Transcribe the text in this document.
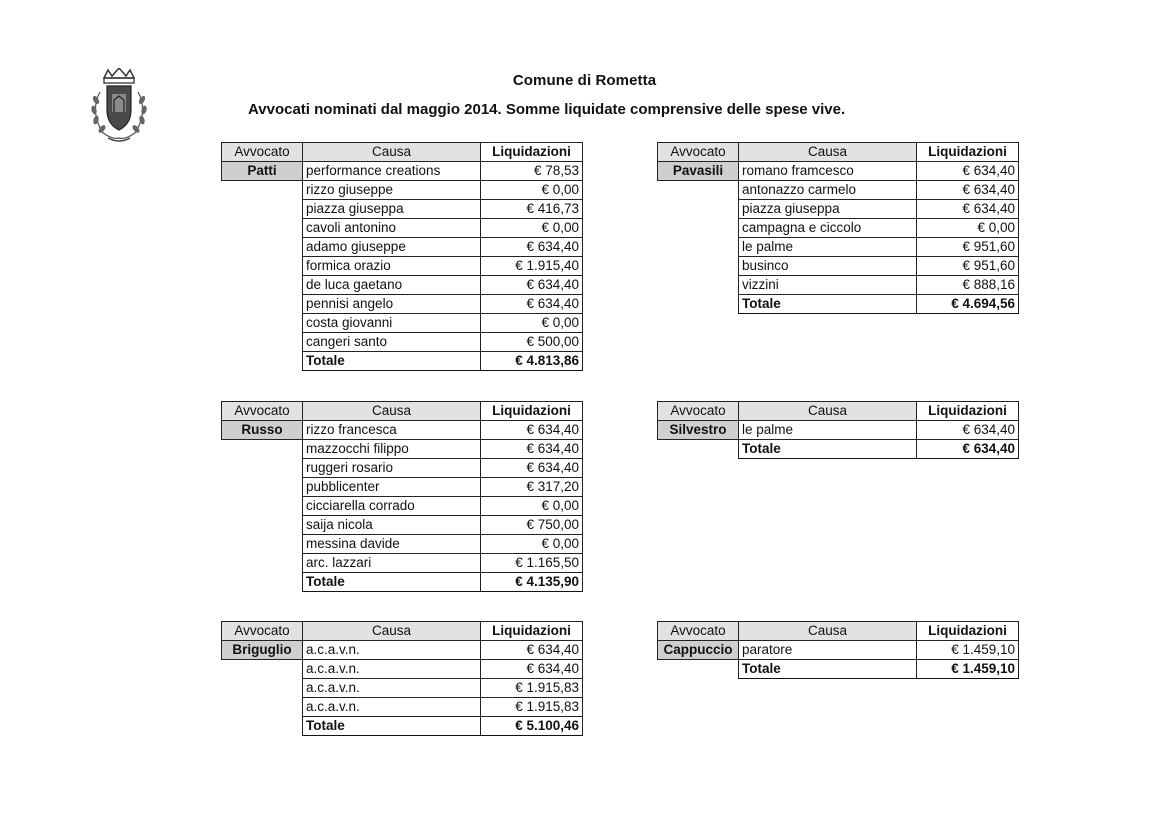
Comune di Rometta
Avvocati nominati dal maggio 2014. Somme liquidate comprensive delle spese vive.
Avvocato	Causa	Liquidazioni
Patti	performance creations	€ 78,53
	rizzo giuseppe	€ 0,00
	piazza giuseppa	€ 416,73
	cavoli antonino	€ 0,00
	adamo giuseppe	€ 634,40
	formica orazio	€ 1.915,40
	de luca gaetano	€ 634,40
	pennisi angelo	€ 634,40
	costa giovanni	€ 0,00
	cangeri santo	€ 500,00
	Totale	€ 4.813,86
Avvocato	Causa	Liquidazioni
Pavasili	romano framcesco	€ 634,40
	antonazzo carmelo	€ 634,40
	piazza giuseppa	€ 634,40
	campagna e ciccolo	€ 0,00
	le palme	€ 951,60
	businco	€ 951,60
	vizzini	€ 888,16
	Totale	€ 4.694,56
Avvocato	Causa	Liquidazioni
Russo	rizzo francesca	€ 634,40
	mazzocchi filippo	€ 634,40
	ruggeri rosario	€ 634,40
	pubblicenter	€ 317,20
	cicciarella corrado	€ 0,00
	saija nicola	€ 750,00
	messina davide	€ 0,00
	arc. lazzari	€ 1.165,50
	Totale	€ 4.135,90
Avvocato	Causa	Liquidazioni
Silvestro	le palme	€ 634,40
	Totale	€ 634,40
Avvocato	Causa	Liquidazioni
Briguglio	a.c.a.v.n.	€ 634,40
	a.c.a.v.n.	€ 634,40
	a.c.a.v.n.	€ 1.915,83
	a.c.a.v.n.	€ 1.915,83
	Totale	€ 5.100,46
Avvocato	Causa	Liquidazioni
Cappuccio	paratore	€ 1.459,10
	Totale	€ 1.459,10
